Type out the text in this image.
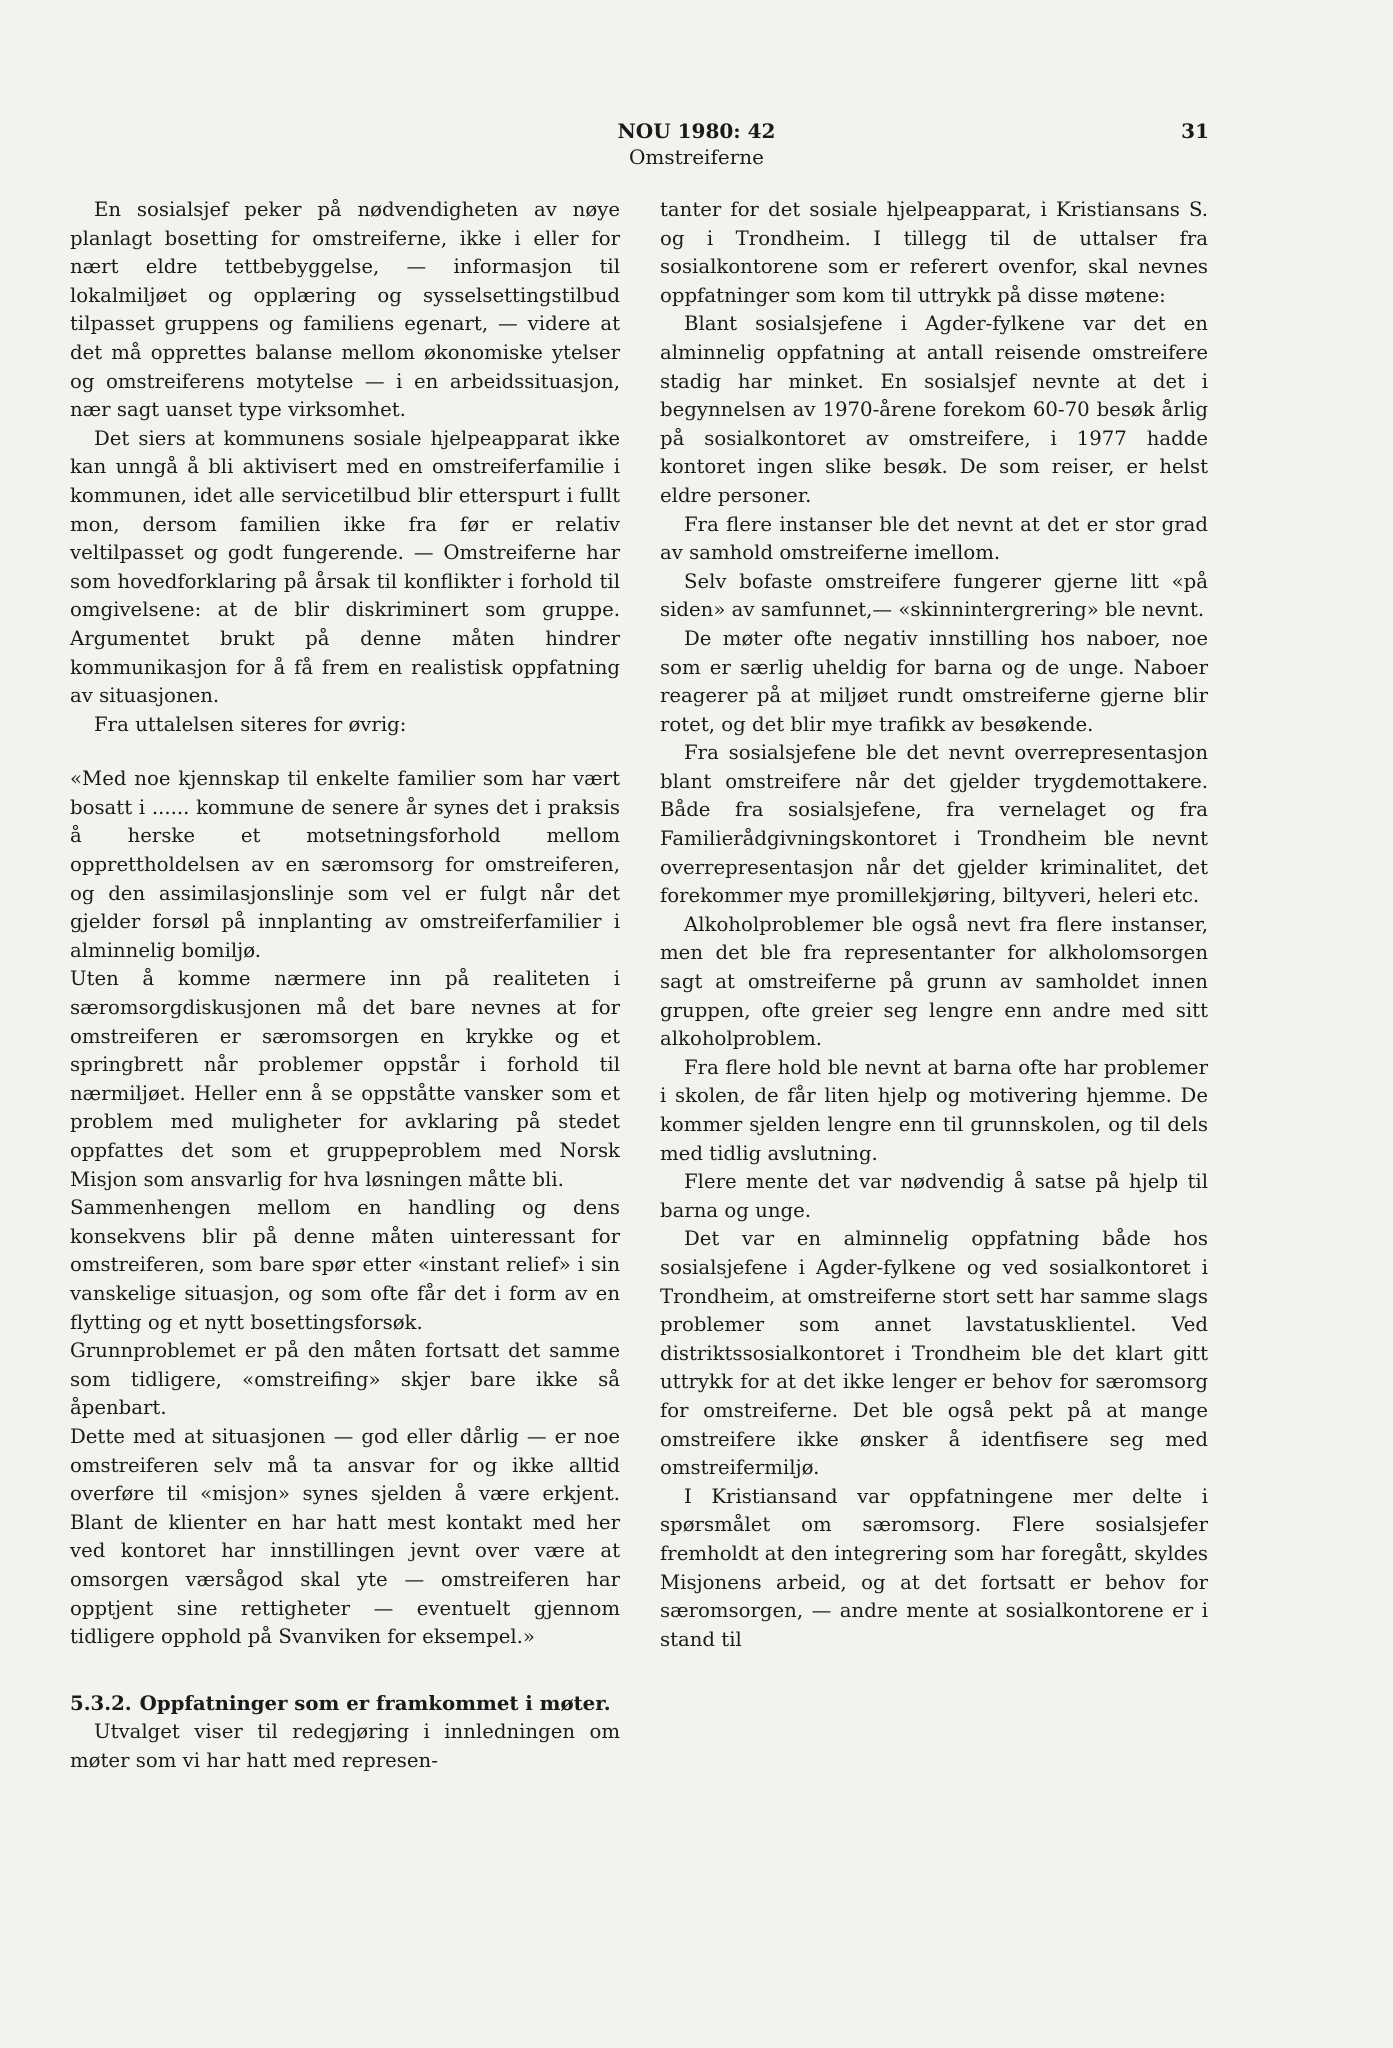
NOU 1980: 42
Omstreiferne
31

En sosialsjef peker på nødvendigheten av nøye planlagt bosetting for omstreiferne, ikke i eller for nært eldre tettbebyggelse, — informasjon til lokalmiljøet og opplæring og sysselsettingstilbud tilpasset gruppens og familiens egenart, — videre at det må opprettes balanse mellom økonomiske ytelser og omstreiferens motytelse — i en arbeidssituasjon, nær sagt uanset type virksomhet.

Det siers at kommunens sosiale hjelpeapparat ikke kan unngå å bli aktivisert med en omstreiferfamilie i kommunen, idet alle servicetilbud blir etterspurt i fullt mon, dersom familien ikke fra før er relativ veltilpasset og godt fungerende. — Omstreiferne har som hovedforklaring på årsak til konflikter i forhold til omgivelsene: at de blir diskriminert som gruppe. Argumentet brukt på denne måten hindrer kommunikasjon for å få frem en realistisk oppfatning av situasjonen.

Fra uttalelsen siteres for øvrig:

«Med noe kjennskap til enkelte familier som har vært bosatt i ...... kommune de senere år synes det i praksis å herske et motsetningsforhold mellom opprettholdelsen av en særomsorg for omstreiferen, og den assimilasjonslinje som vel er fulgt når det gjelder forsøl på innplanting av omstreiferfamilier i alminnelig bomiljø.

Uten å komme nærmere inn på realiteten i særomsorgdiskusjonen må det bare nevnes at for omstreiferen er særomsorgen en krykke og et springbrett når problemer oppstår i forhold til nærmiljøet. Heller enn å se oppståtte vansker som et problem med muligheter for avklaring på stedet oppfattes det som et gruppeproblem med Norsk Misjon som ansvarlig for hva løsningen måtte bli.

Sammenhengen mellom en handling og dens konsekvens blir på denne måten uinteressant for omstreiferen, som bare spør etter «instant relief» i sin vanskelige situasjon, og som ofte får det i form av en flytting og et nytt bosettingsforsøk.

Grunnproblemet er på den måten fortsatt det samme som tidligere, «omstreifing» skjer bare ikke så åpenbart.

Dette med at situasjonen — god eller dårlig — er noe omstreiferen selv må ta ansvar for og ikke alltid overføre til «misjon» synes sjelden å være erkjent. Blant de klienter en har hatt mest kontakt med her ved kontoret har innstillingen jevnt over være at omsorgen værsågod skal yte — omstreiferen har opptjent sine rettigheter — eventuelt gjennom tidligere opphold på Svanviken for eksempel.»

5.3.2. Oppfatninger som er framkommet i møter.

Utvalget viser til redegjøring i innledningen om møter som vi har hatt med represen-

tanter for det sosiale hjelpeapparat, i Kristiansans S. og i Trondheim. I tillegg til de uttalser fra sosialkontorene som er referert ovenfor, skal nevnes oppfatninger som kom til uttrykk på disse møtene:

Blant sosialsjefene i Agder-fylkene var det en alminnelig oppfatning at antall reisende omstreifere stadig har minket. En sosialsjef nevnte at det i begynnelsen av 1970-årene forekom 60-70 besøk årlig på sosialkontoret av omstreifere, i 1977 hadde kontoret ingen slike besøk. De som reiser, er helst eldre personer.

Fra flere instanser ble det nevnt at det er stor grad av samhold omstreiferne imellom.

Selv bofaste omstreifere fungerer gjerne litt «på siden» av samfunnet,— «skinnintergrering» ble nevnt.

De møter ofte negativ innstilling hos naboer, noe som er særlig uheldig for barna og de unge. Naboer reagerer på at miljøet rundt omstreiferne gjerne blir rotet, og det blir mye trafikk av besøkende.

Fra sosialsjefene ble det nevnt overrepresentasjon blant omstreifere når det gjelder trygdemottakere. Både fra sosialsjefene, fra vernelaget og fra Familierådgivningskontoret i Trondheim ble nevnt overrepresentasjon når det gjelder kriminalitet, det forekommer mye promillekjøring, biltyveri, heleri etc.

Alkoholproblemer ble også nevt fra flere instanser, men det ble fra representanter for alkholomsorgen sagt at omstreiferne på grunn av samholdet innen gruppen, ofte greier seg lengre enn andre med sitt alkoholproblem.

Fra flere hold ble nevnt at barna ofte har problemer i skolen, de får liten hjelp og motivering hjemme. De kommer sjelden lengre enn til grunnskolen, og til dels med tidlig avslutning.

Flere mente det var nødvendig å satse på hjelp til barna og unge.

Det var en alminnelig oppfatning både hos sosialsjefene i Agder-fylkene og ved sosialkontoret i Trondheim, at omstreiferne stort sett har samme slags problemer som annet lavstatusklientel. Ved distriktssosialkontoret i Trondheim ble det klart gitt uttrykk for at det ikke lenger er behov for særomsorg for omstreiferne. Det ble også pekt på at mange omstreifere ikke ønsker å identfisere seg med omstreifermiljø.

I Kristiansand var oppfatningene mer delte i spørsmålet om særomsorg. Flere sosialsjefer fremholdt at den integrering som har foregått, skyldes Misjonens arbeid, og at det fortsatt er behov for særomsorgen, — andre mente at sosialkontorene er i stand til
